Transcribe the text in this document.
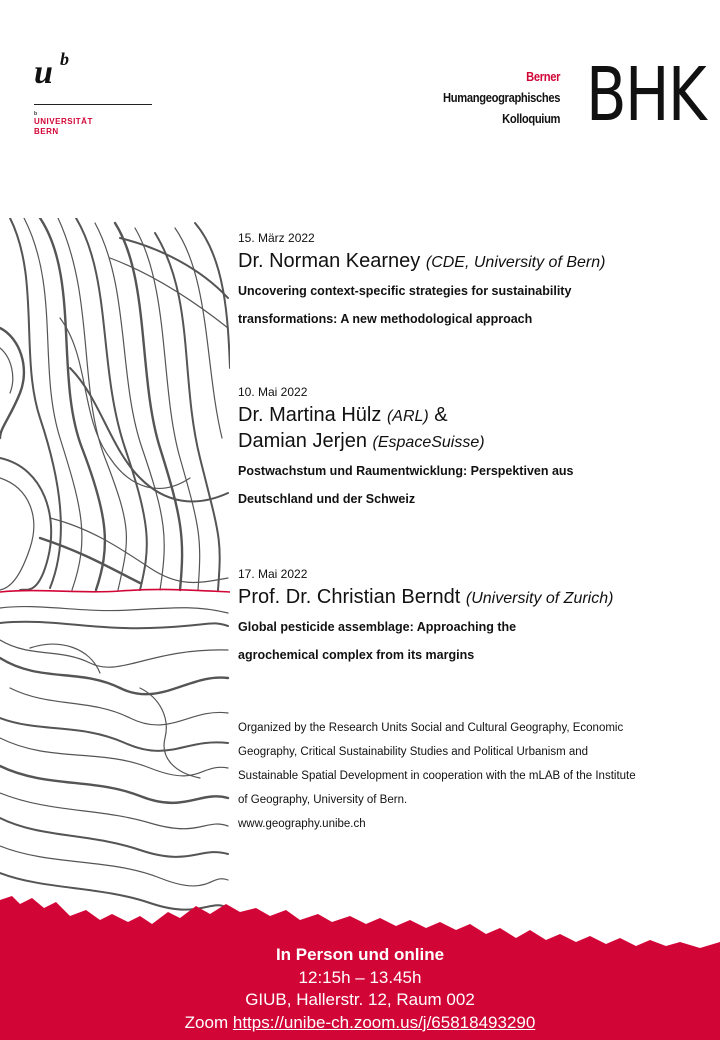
u b
b
UNIVERSITÄT
BERN
Berner
Humangeographisches
Kolloquium BHK
15. März 2022
Dr. Norman Kearney (CDE, University of Bern)
Uncovering context-specific strategies for sustainability
transformations: A new methodological approach
10. Mai 2022
Dr. Martina Hülz (ARL) &
Damian Jerjen (EspaceSuisse)
Postwachstum und Raumentwicklung: Perspektiven aus
Deutschland und der Schweiz
17. Mai 2022
Prof. Dr. Christian Berndt (University of Zurich)
Global pesticide assemblage: Approaching the
agrochemical complex from its margins
Organized by the Research Units Social and Cultural Geography, Economic
Geography, Critical Sustainability Studies and Political Urbanism and
Sustainable Spatial Development in cooperation with the mLAB of the Institute
of Geography, University of Bern.
www.geography.unibe.ch
In Person und online
12:15h – 13.45h
GIUB, Hallerstr. 12, Raum 002
Zoom https://unibe-ch.zoom.us/j/65818493290
